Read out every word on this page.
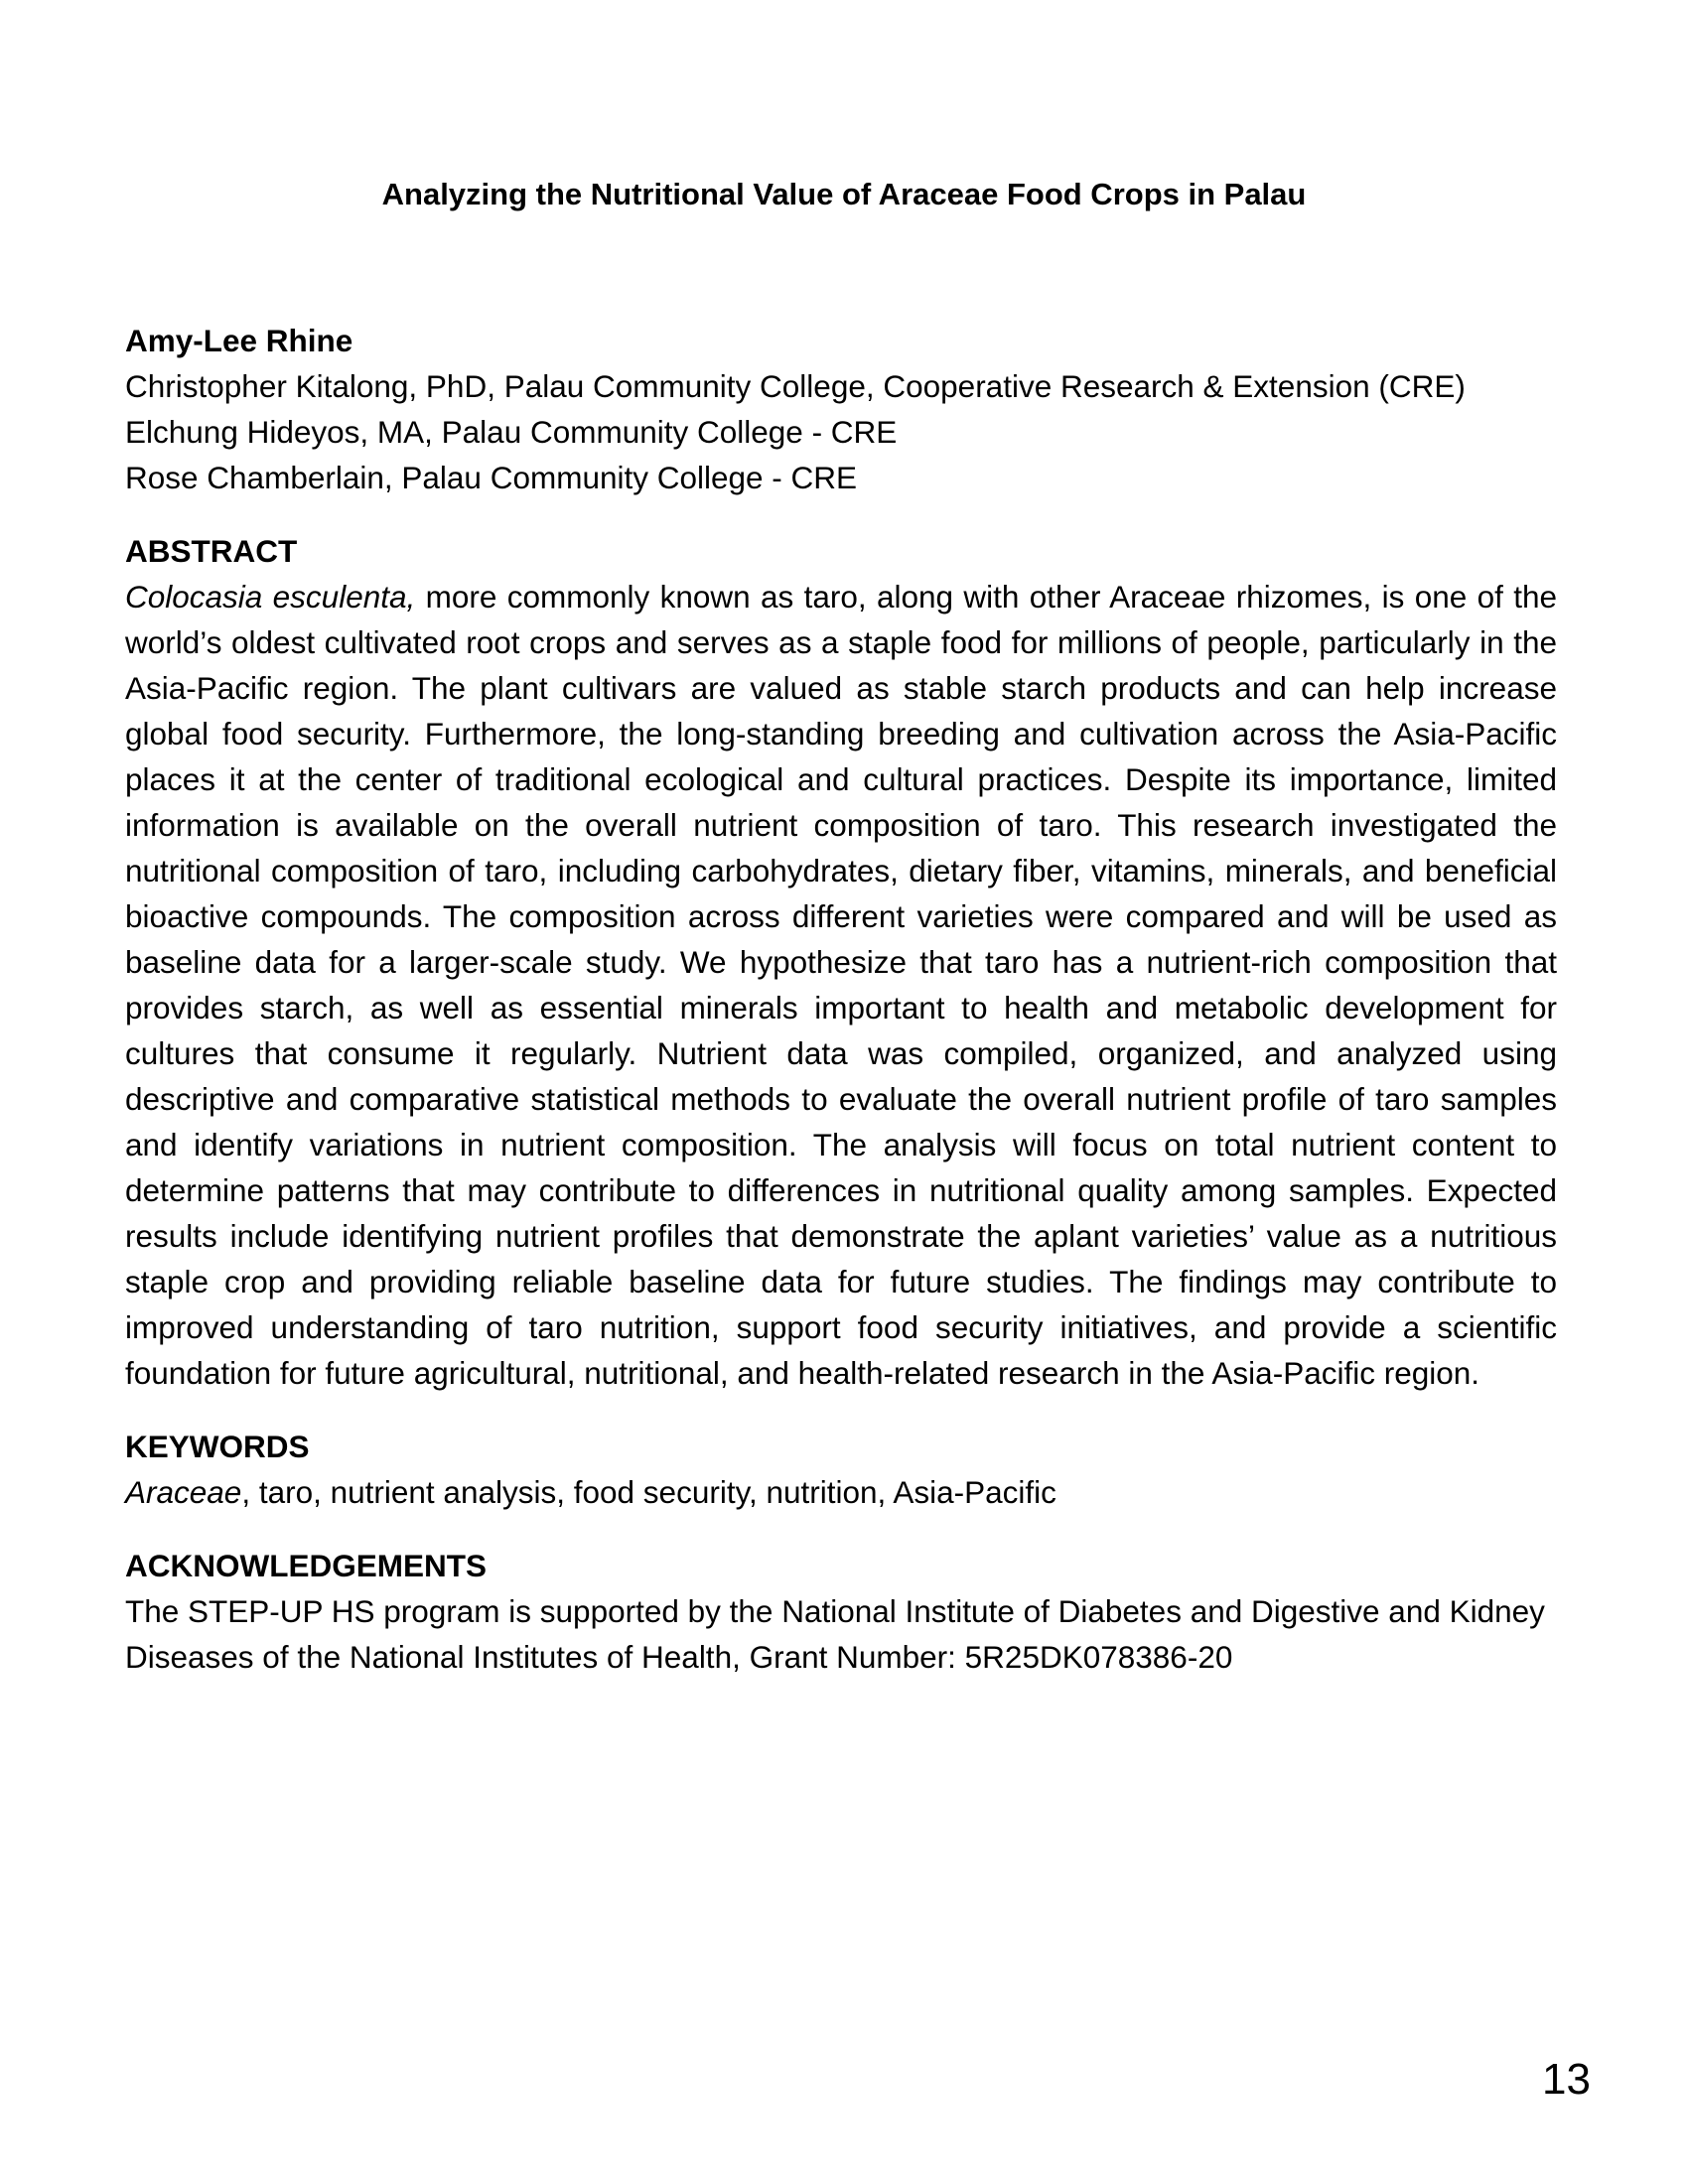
Analyzing the Nutritional Value of Araceae Food Crops in Palau
Amy-Lee Rhine
Christopher Kitalong, PhD, Palau Community College, Cooperative Research & Extension (CRE)
Elchung Hideyos, MA, Palau Community College - CRE
Rose Chamberlain, Palau Community College - CRE
ABSTRACT

Colocasia esculenta, more commonly known as taro, along with other Araceae rhizomes, is one of the world’s oldest cultivated root crops and serves as a staple food for millions of people, particularly in the Asia-Pacific region. The plant cultivars are valued as stable starch products and can help increase global food security. Furthermore, the long-standing breeding and cultivation across the Asia-Pacific places it at the center of traditional ecological and cultural practices. Despite its importance, limited information is available on the overall nutrient composition of taro. This research investigated the nutritional composition of taro, including carbohydrates, dietary fiber, vitamins, minerals, and beneficial bioactive compounds. The composition across different varieties were compared and will be used as baseline data for a larger-scale study. We hypothesize that taro has a nutrient-rich composition that provides starch, as well as essential minerals important to health and metabolic development for cultures that consume it regularly. Nutrient data was compiled, organized, and analyzed using descriptive and comparative statistical methods to evaluate the overall nutrient profile of taro samples and identify variations in nutrient composition. The analysis will focus on total nutrient content to determine patterns that may contribute to differences in nutritional quality among samples. Expected results include identifying nutrient profiles that demonstrate the aplant varieties’ value as a nutritious staple crop and providing reliable baseline data for future studies. The findings may contribute to improved understanding of taro nutrition, support food security initiatives, and provide a scientific foundation for future agricultural, nutritional, and health-related research in the Asia-Pacific region.

KEYWORDS

Araceae, taro, nutrient analysis, food security, nutrition, Asia-Pacific

ACKNOWLEDGEMENTS

The STEP-UP HS program is supported by the National Institute of Diabetes and Digestive and Kidney Diseases of the National Institutes of Health, Grant Number: 5R25DK078386-20

13
